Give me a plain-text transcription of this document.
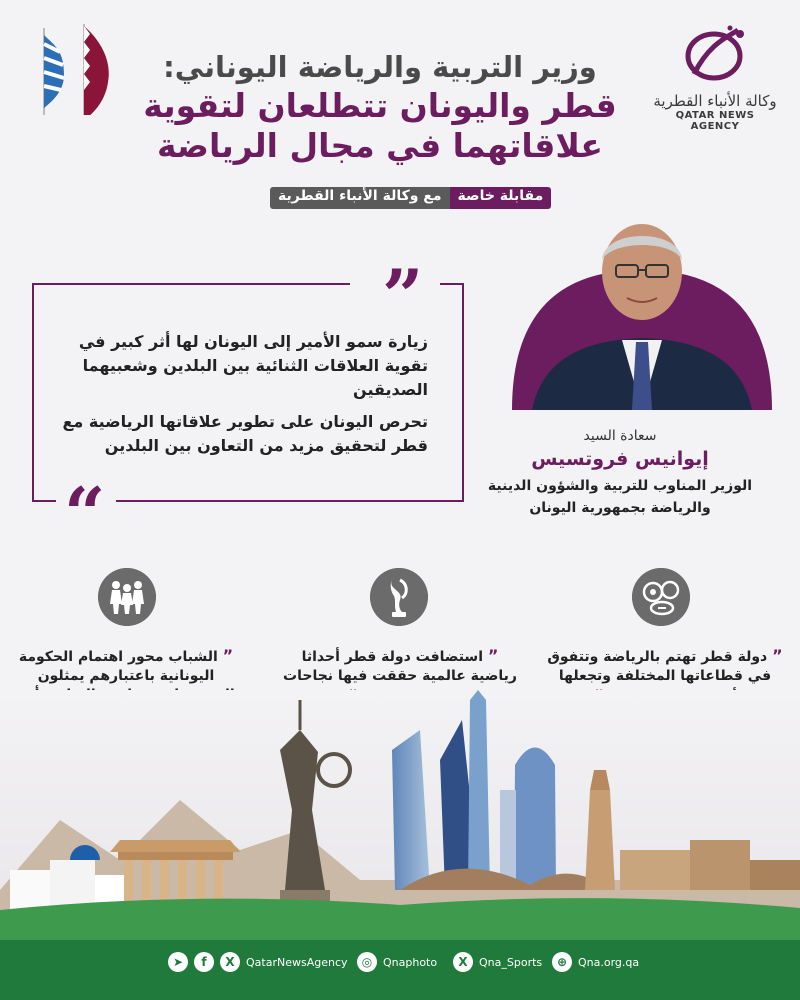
وكالة الأنباء القطرية
QATAR NEWS AGENCY
وزير التربية والرياضة اليوناني:
قطر واليونان تتطلعان لتقوية
علاقاتهما في مجال الرياضة
مقابلة خاصة
مع وكالة الأنباء القطرية
”
“
زيارة سمو الأمير إلى اليونان لها أثر كبير في تقوية العلاقات الثنائية بين البلدين وشعبيهما الصديقين
تحرص اليونان على تطوير علاقاتها الرياضية مع قطر لتحقيق مزيد من التعاون بين البلدين	سعادة السيد
إيوانيس فروتسيس
الوزير المناوب للتربية والشؤون الدينية
والرياضة بجمهورية اليونان
” الشباب محور اهتمام الحكومة اليونانية باعتبارهم يمثلون
” استضافت دولة قطر أحداثا رياضية عالمية حققت فيها نجاحات
” دولة قطر تهتم بالرياضة وتتفوق في قطاعاتها المختلفة وتجعلها
➤	f	X	QatarNewsAgency	◎ Qnaphoto	X	Qna_Sports	⊕ Qna.org.qa
